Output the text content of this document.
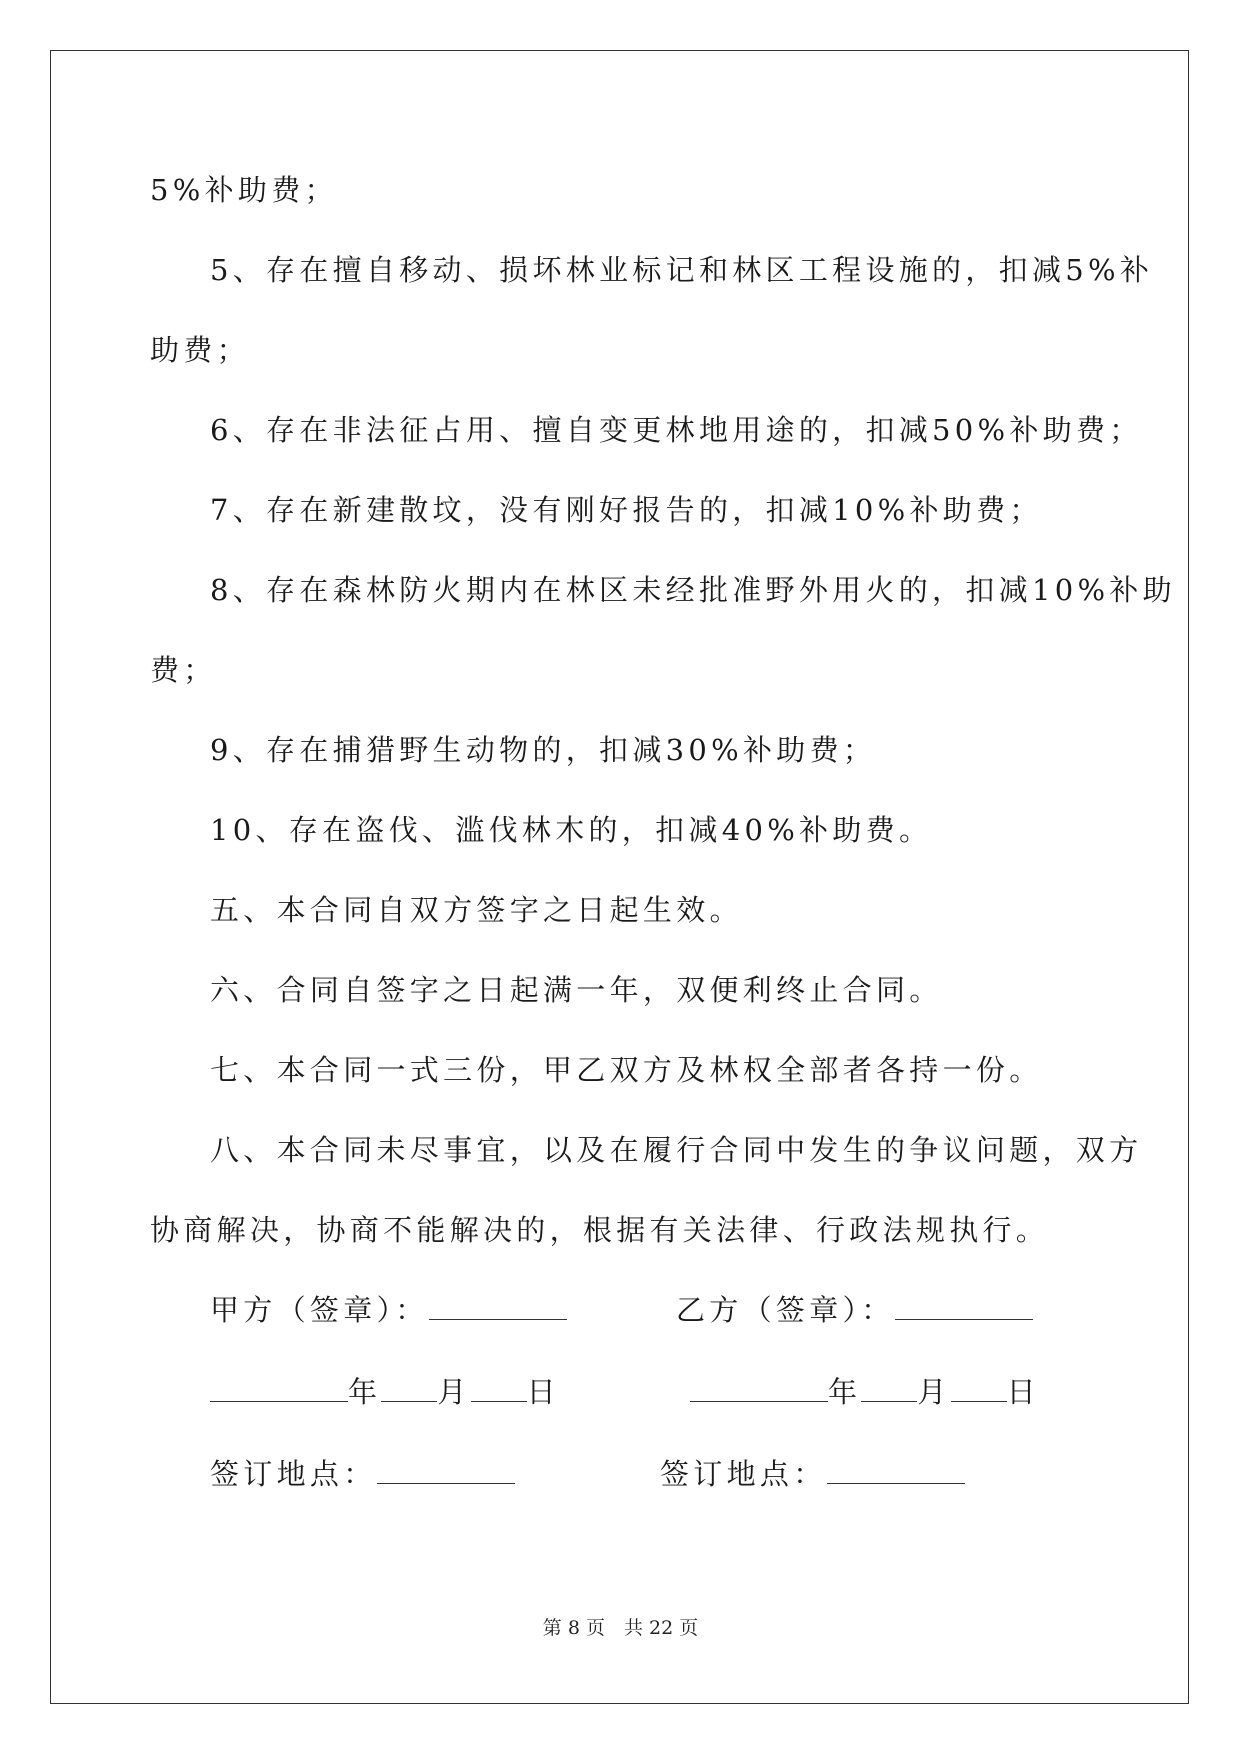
5%补助费；
5、存在擅自移动、损坏林业标记和林区工程设施的，扣减5%补
助费；
6、存在非法征占用、擅自变更林地用途的，扣减50%补助费；
7、存在新建散坟，没有刚好报告的，扣减10%补助费；
8、存在森林防火期内在林区未经批准野外用火的，扣减10%补助
费；
9、存在捕猎野生动物的，扣减30%补助费；
10、存在盗伐、滥伐林木的，扣减40%补助费。
五、本合同自双方签字之日起生效。
六、合同自签字之日起满一年，双便利终止合同。
七、本合同一式三份，甲乙双方及林权全部者各持一份。
八、本合同未尽事宜，以及在履行合同中发生的争议问题，双方
协商解决，协商不能解决的，根据有关法律、行政法规执行。
甲方（签章）：	乙方（签章）：
年 月 日	年 月 日
签订地点：	签订地点：
第 8 页　共 22 页
